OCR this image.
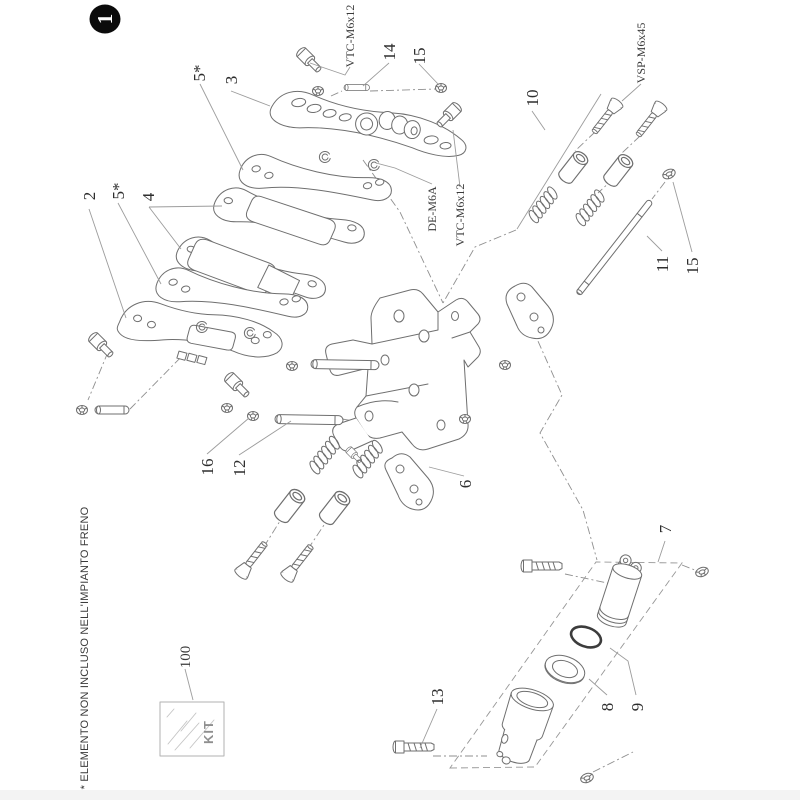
1
5* 3
VTC-M6x12 14 15	VSP-M6x45
10
2 5* 4	DE-M6A VTC-M6x12
11 15
16 12
6
7
100
13
8 9
KIT
* ELEMENTO NON INCLUSO NELL'IMPIANTO FRENO
